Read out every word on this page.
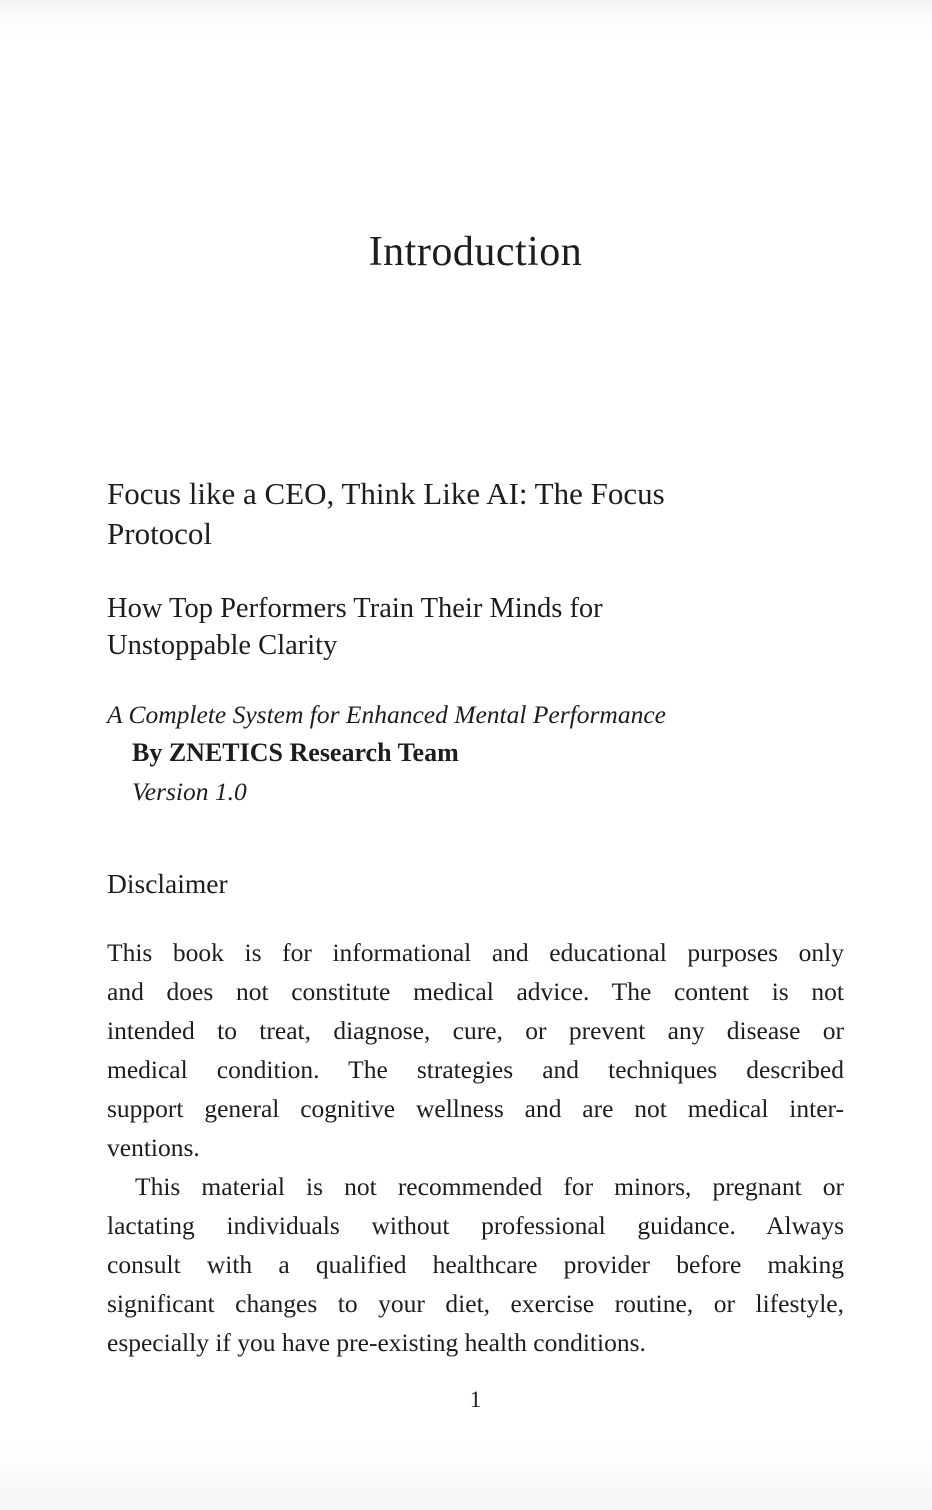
Introduction
Focus like a CEO, Think Like AI: The Focus
Protocol
How Top Performers Train Their Minds for
Unstoppable Clarity
A Complete System for Enhanced Mental Performance
By ZNETICS Research Team
Version 1.0
Disclaimer
This book is for informational and educational purposes only
and does not constitute medical advice. The content is not
intended to treat, diagnose, cure, or prevent any disease or
medical condition. The strategies and techniques described
support general cognitive wellness and are not medical inter-
ventions.
This material is not recommended for minors, pregnant or
lactating individuals without professional guidance. Always
consult with a qualified healthcare provider before making
significant changes to your diet, exercise routine, or lifestyle,
especially if you have pre-existing health conditions.
1
